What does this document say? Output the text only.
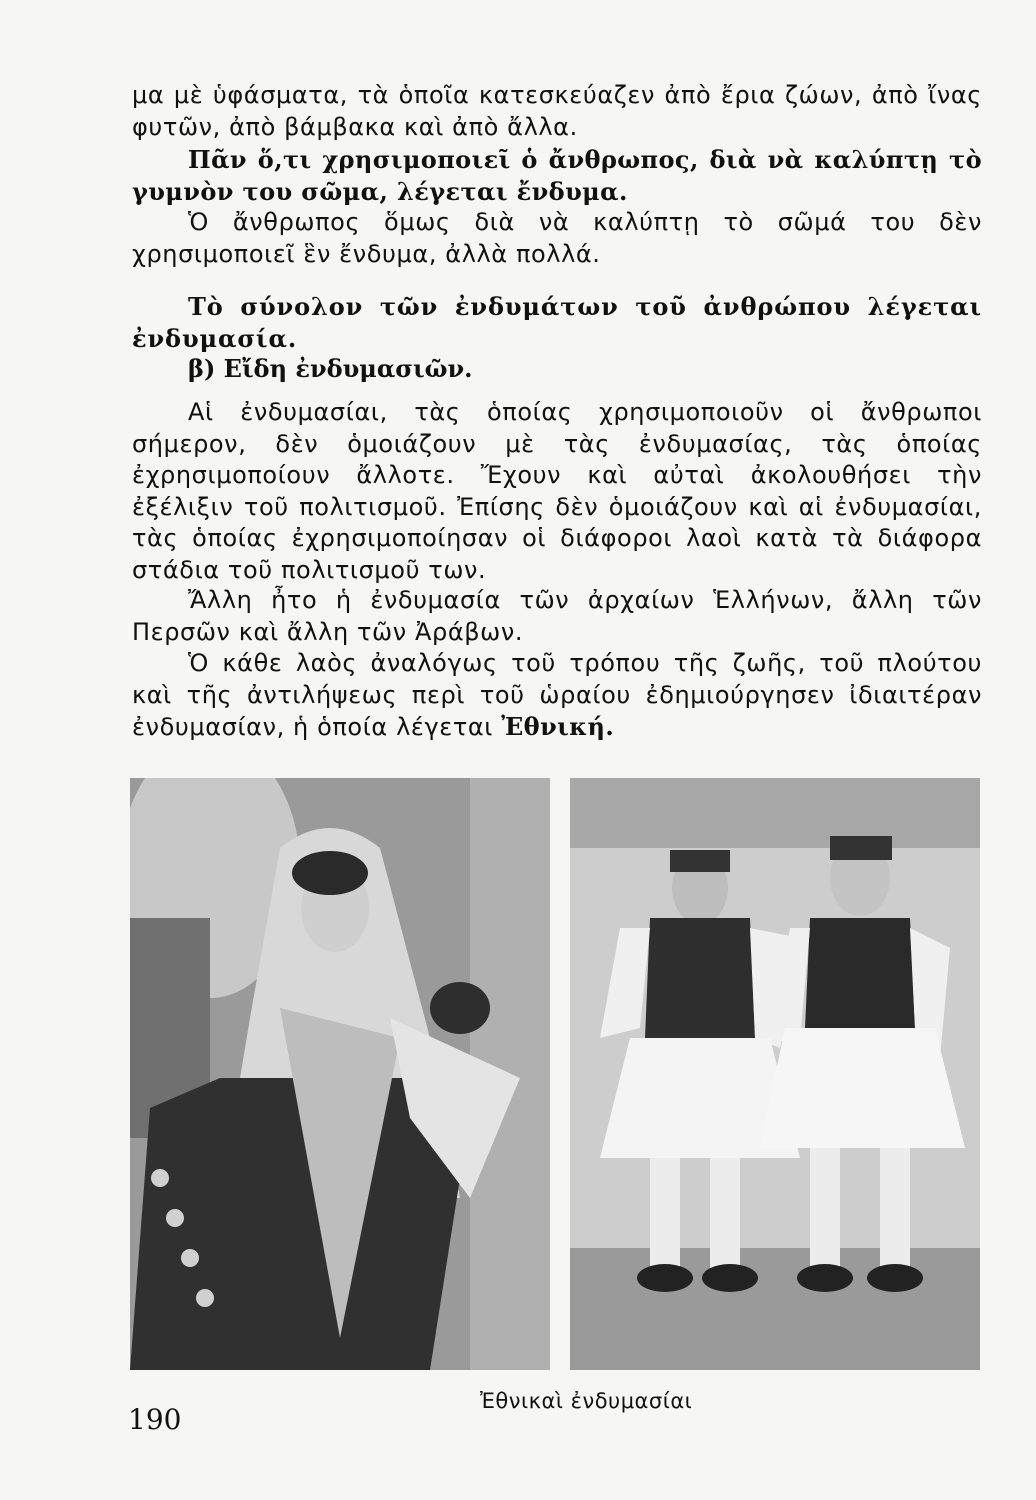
μα μὲ ὑφάσματα, τὰ ὁποῖα κατεσκεύαζεν ἀπὸ ἔρια ζώων, ἀπὸ ἴνας φυτῶν, ἀπὸ βάμβακα καὶ ἀπὸ ἄλλα.

Πᾶν ὅ,τι χρησιμοποιεῖ ὁ ἄνθρωπος, διὰ νὰ καλύπτῃ τὸ γυμνὸν του σῶμα, λέγεται ἔνδυμα.

Ὁ ἄνθρωπος ὅμως διὰ νὰ καλύπτῃ τὸ σῶμά του δὲν χρησιμοποιεῖ ἓν ἔνδυμα, ἀλλὰ πολλά.

Τὸ σύνολον τῶν ἐνδυμάτων τοῦ ἀνθρώπου λέγεται ἐνδυμασία.

β) Εἴδη ἐνδυμασιῶν.

Αἱ ἐνδυμασίαι, τὰς ὁποίας χρησιμοποιοῦν οἱ ἄνθρωποι σήμερον, δὲν ὁμοιάζουν μὲ τὰς ἐνδυμασίας, τὰς ὁποίας ἐχρησιμοποίουν ἄλλοτε. Ἔχουν καὶ αὐταὶ ἀκολουθήσει τὴν ἐξέλιξιν τοῦ πολιτισμοῦ. Ἐπίσης δὲν ὁμοιάζουν καὶ αἱ ἐνδυμασίαι, τὰς ὁποίας ἐχρησιμοποίησαν οἱ διάφοροι λαοὶ κατὰ τὰ διάφορα στάδια τοῦ πολιτισμοῦ των.

Ἄλλη ἦτο ἡ ἐνδυμασία τῶν ἀρχαίων Ἑλλήνων, ἄλλη τῶν Περσῶν καὶ ἄλλη τῶν Ἀράβων.

Ὁ κάθε λαὸς ἀναλόγως τοῦ τρόπου τῆς ζωῆς, τοῦ πλούτου καὶ τῆς ἀντιλήψεως περὶ τοῦ ὡραίου ἐδημιούργησεν ἰδιαιτέραν ἐνδυμασίαν, ἡ ὁποία λέγεται Ἐθνική.

Ἐθνικαὶ ἐνδυμασίαι
190
